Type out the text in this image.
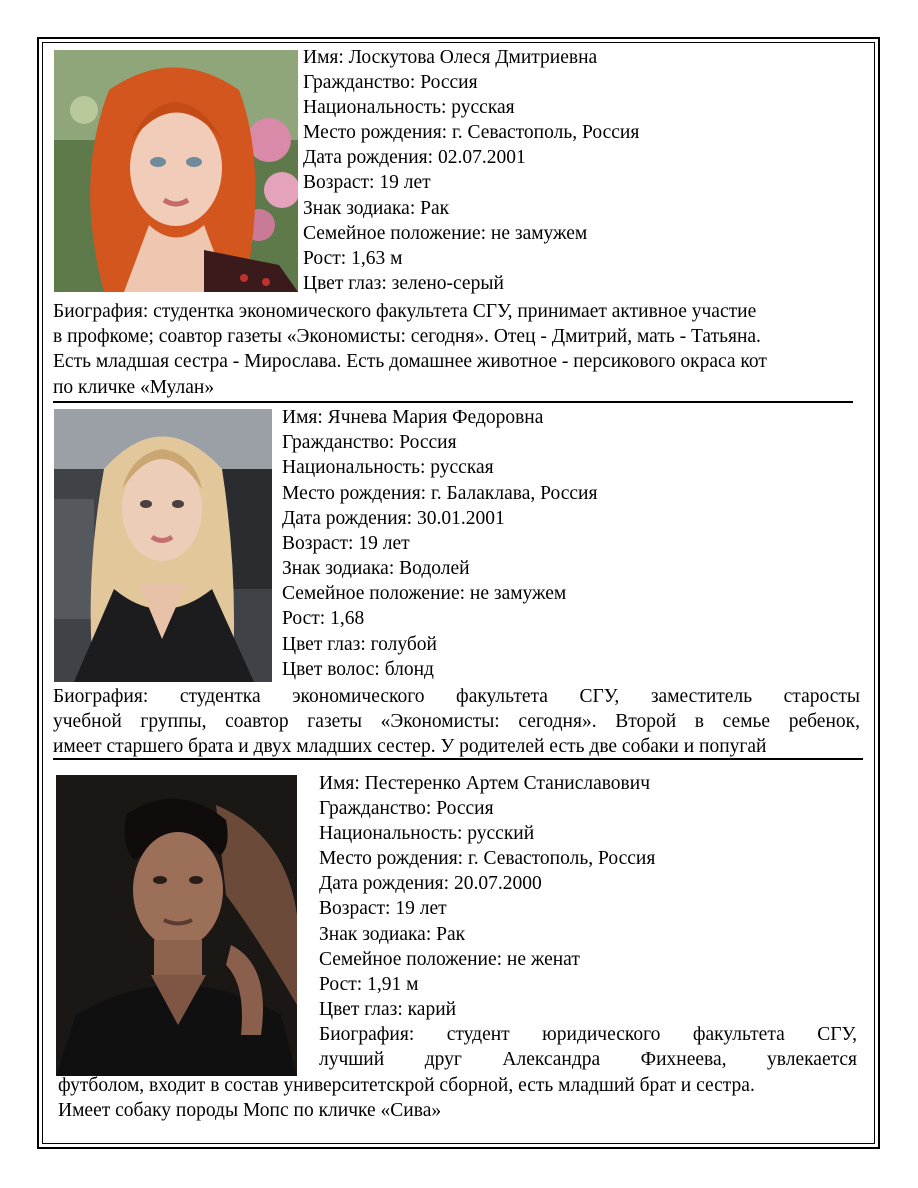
Имя: Лоскутова Олеся Дмитриевна
Гражданство: Россия
Национальность: русская
Место рождения: г. Севастополь, Россия
Дата рождения: 02.07.2001
Возраст: 19 лет
Знак зодиака: Рак
Семейное положение: не замужем
Рост: 1,63 м
Цвет глаз: зелено-серый
Биография: студентка экономического факультета СГУ, принимает активное участие
в профкоме; соавтор газеты «Экономисты: сегодня». Отец - Дмитрий, мать - Татьяна.
Есть младшая сестра - Мирослава. Есть домашнее животное - персикового окраса кот
по кличке «Мулан»
Имя: Ячнева Мария Федоровна
Гражданство: Россия
Национальность: русская
Место рождения: г. Балаклава, Россия
Дата рождения: 30.01.2001
Возраст: 19 лет
Знак зодиака: Водолей
Семейное положение: не замужем
Рост: 1,68
Цвет глаз: голубой
Цвет волос: блонд
Биография: студентка экономического факультета СГУ, заместитель старосты
учебной группы, соавтор газеты «Экономисты: сегодня». Второй в семье ребенок,
имеет старшего брата и двух младших сестер. У родителей есть две собаки и попугай
Имя: Пестеренко Артем Станиславович
Гражданство: Россия
Национальность: русский
Место рождения: г. Севастополь, Россия
Дата рождения: 20.07.2000
Возраст: 19 лет
Знак зодиака: Рак
Семейное положение: не женат
Рост: 1,91 м
Цвет глаз: карий
Биография: студент юридического факультета СГУ,
лучший друг Александра Фихнеева, увлекается
футболом, входит в состав университетскрой сборной, есть младший брат и сестра.
Имеет собаку породы Мопс по кличке «Сива»
